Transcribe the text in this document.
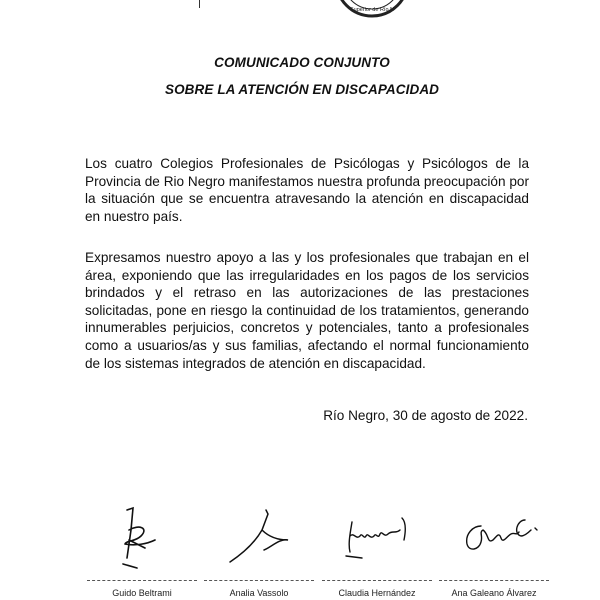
Superior de Río N
COMUNICADO CONJUNTO
SOBRE LA ATENCIÓN EN DISCAPACIDAD

Los cuatro Colegios Profesionales de Psicólogas y Psicólogos de la Provincia de Rio Negro manifestamos nuestra profunda preocupación por la situación que se encuentra atravesando la atención en discapacidad en nuestro país.

Expresamos nuestro apoyo a las y los profesionales que trabajan en el área, exponiendo que las irregularidades en los pagos de los servicios brindados y el retraso en las autorizaciones de las prestaciones solicitadas, pone en riesgo la continuidad de los tratamientos, generando innumerables perjuicios, concretos y potenciales, tanto a profesionales como a usuarios/as y sus familias, afectando el normal funcionamiento de los sistemas integrados de atención en discapacidad.

Río Negro, 30 de agosto de 2022.
Guido Beltrami	Analia Vassolo	Claudia Hernández	Ana Galeano Álvarez
